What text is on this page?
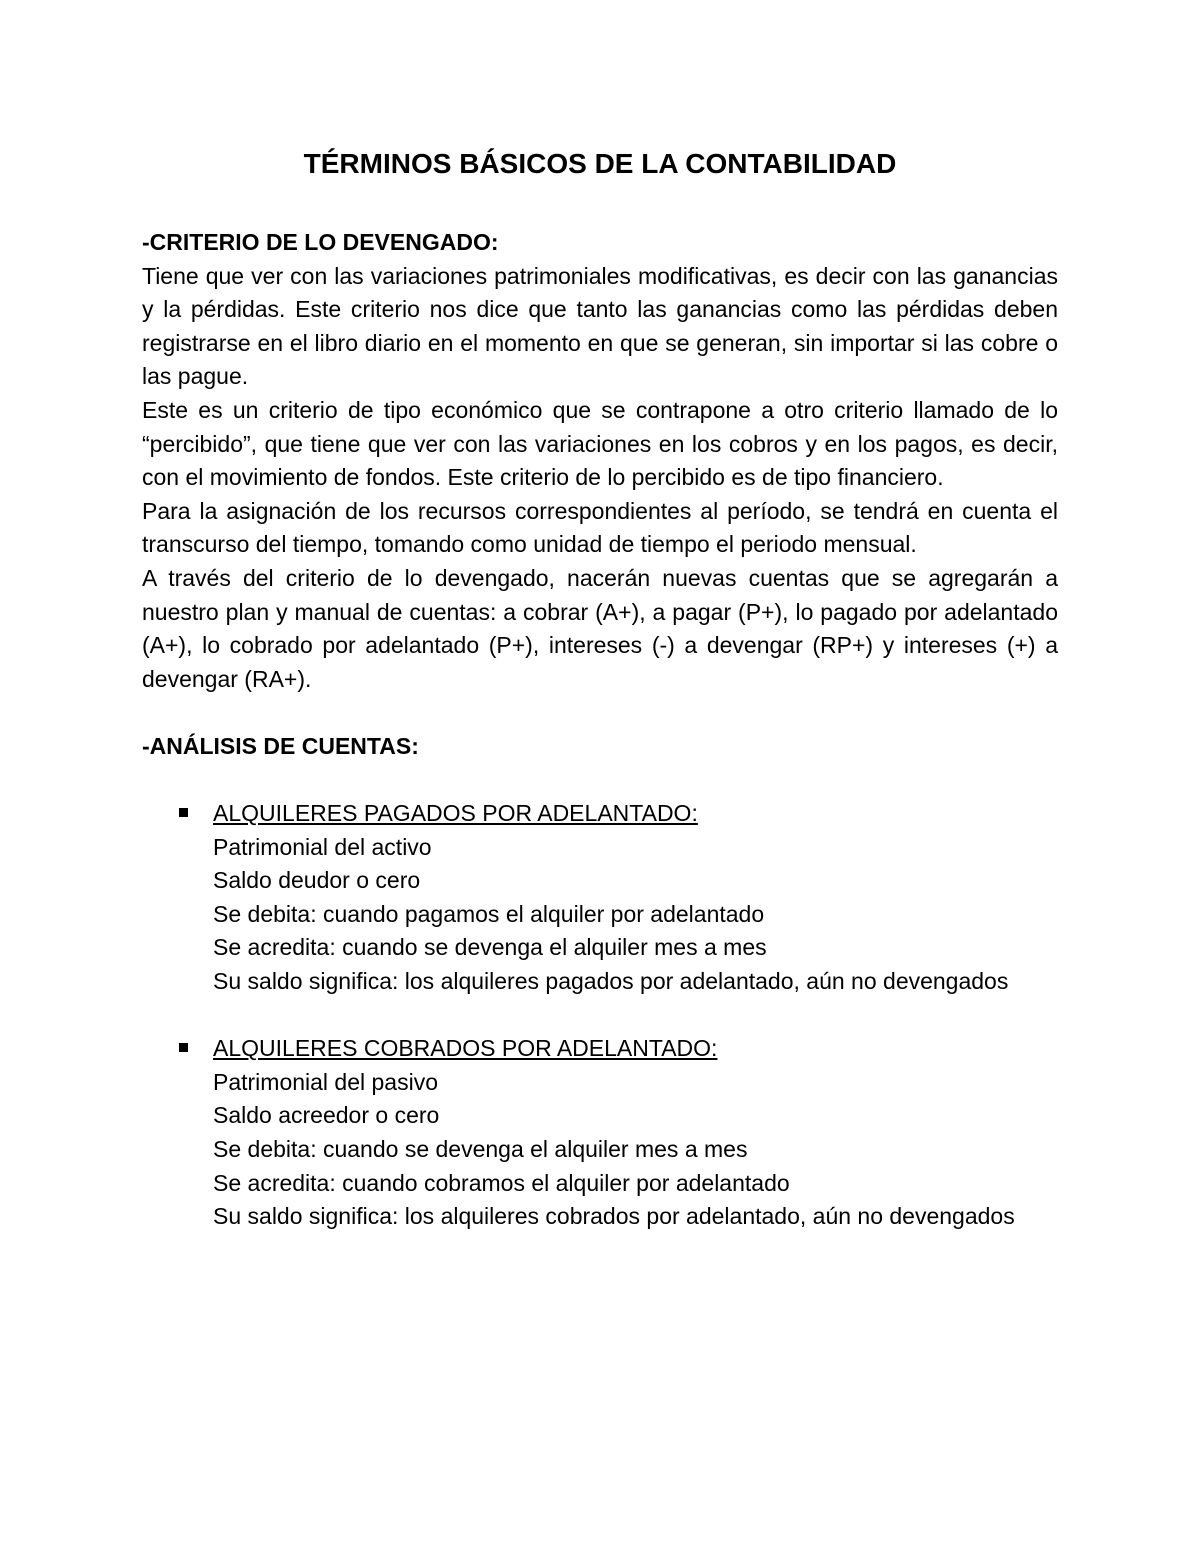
TÉRMINOS BÁSICOS DE LA CONTABILIDAD

-CRITERIO DE LO DEVENGADO:

Tiene que ver con las variaciones patrimoniales modificativas, es decir con las ganancias y la pérdidas. Este criterio nos dice que tanto las ganancias como las pérdidas deben registrarse en el libro diario en el momento en que se generan, sin importar si las cobre o las pague.

Este es un criterio de tipo económico que se contrapone a otro criterio llamado de lo “percibido”, que tiene que ver con las variaciones en los cobros y en los pagos, es decir, con el movimiento de fondos. Este criterio de lo percibido es de tipo financiero.

Para la asignación de los recursos correspondientes al período, se tendrá en cuenta el transcurso del tiempo, tomando como unidad de tiempo el periodo mensual.

A través del criterio de lo devengado, nacerán nuevas cuentas que se agregarán a nuestro plan y manual de cuentas: a cobrar (A+), a pagar (P+), lo pagado por adelantado (A+), lo cobrado por adelantado (P+), intereses (-) a devengar (RP+) y intereses (+) a devengar (RA+).

-ANÁLISIS DE CUENTAS:

ALQUILERES PAGADOS POR ADELANTADO:

Patrimonial del activo

Saldo deudor o cero

Se debita: cuando pagamos el alquiler por adelantado

Se acredita: cuando se devenga el alquiler mes a mes

Su saldo significa: los alquileres pagados por adelantado, aún no devengados

ALQUILERES COBRADOS POR ADELANTADO:

Patrimonial del pasivo

Saldo acreedor o cero

Se debita: cuando se devenga el alquiler mes a mes

Se acredita: cuando cobramos el alquiler por adelantado

Su saldo significa: los alquileres cobrados por adelantado, aún no devengados
